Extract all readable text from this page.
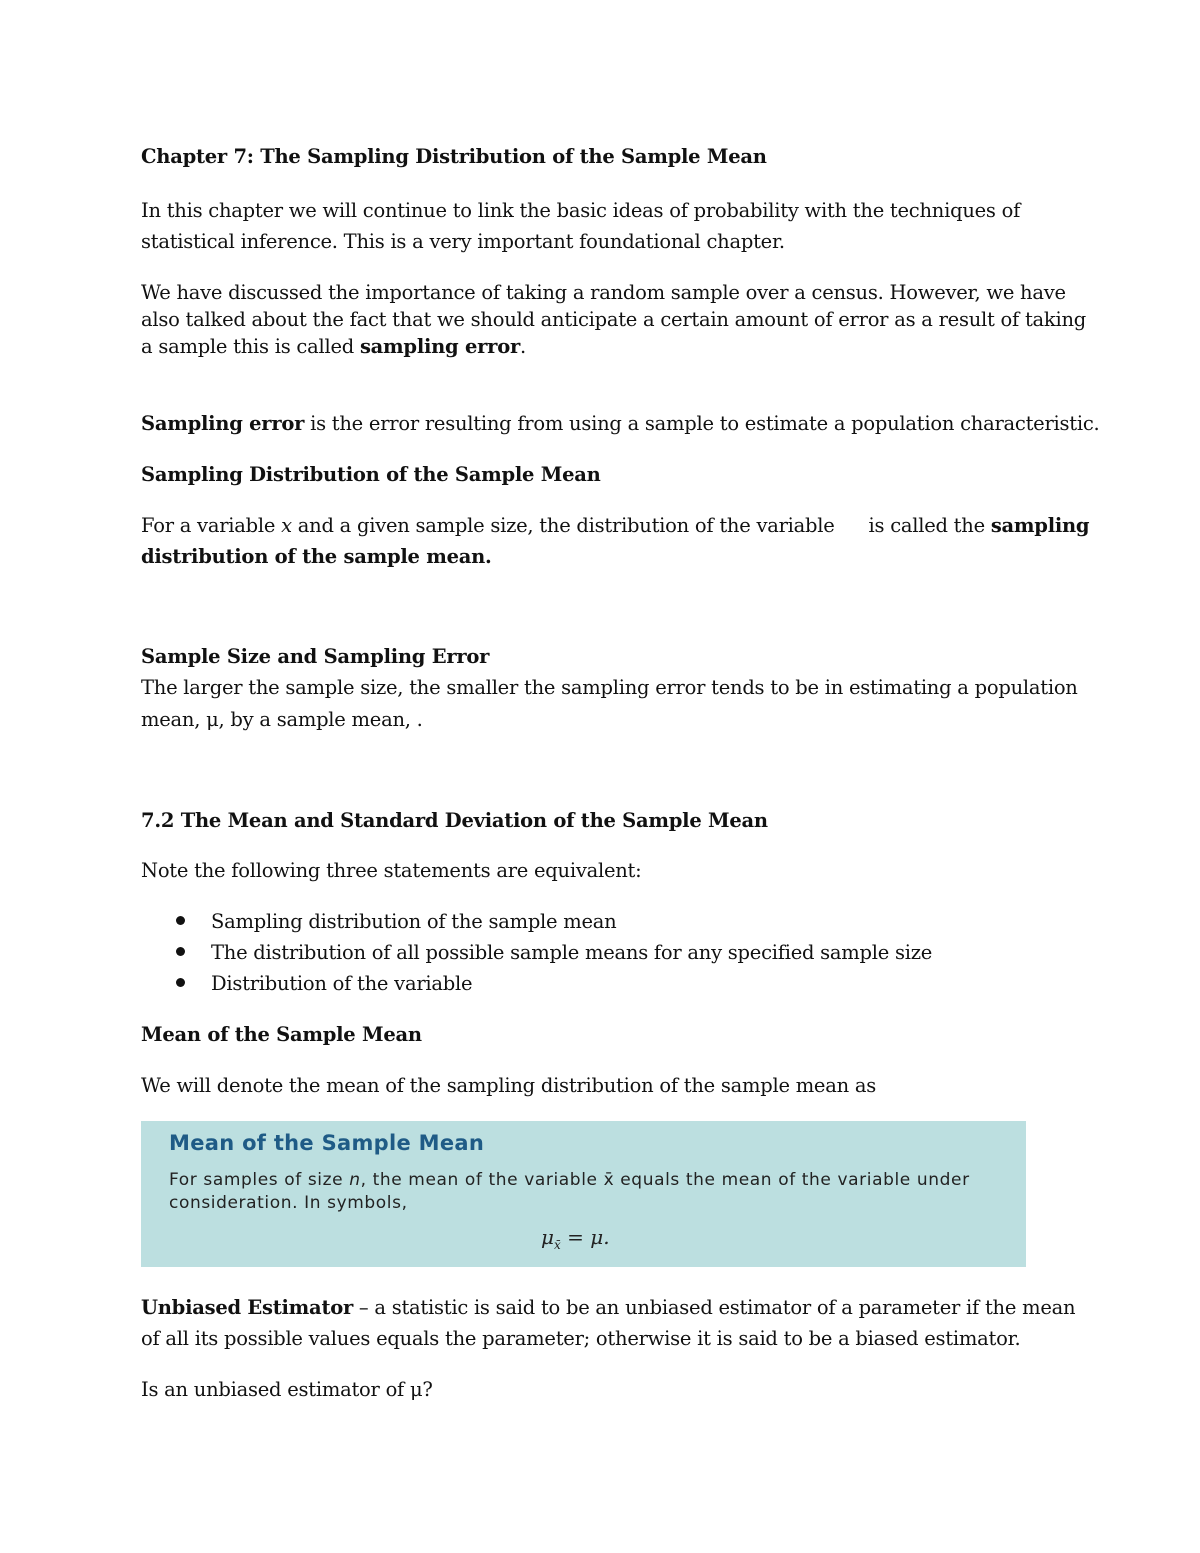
Chapter 7: The Sampling Distribution of the Sample Mean
In this chapter we will continue to link the basic ideas of probability with the techniques of
statistical inference. This is a very important foundational chapter.
We have discussed the importance of taking a random sample over a census. However, we have
also talked about the fact that we should anticipate a certain amount of error as a result of taking
a sample this is called sampling error.
Sampling error is the error resulting from using a sample to estimate a population characteristic.
Sampling Distribution of the Sample Mean
For a variable x and a given sample size, the distribution of the variable is called the sampling
distribution of the sample mean.
Sample Size and Sampling Error
The larger the sample size, the smaller the sampling error tends to be in estimating a population
mean, μ, by a sample mean, .
7.2 The Mean and Standard Deviation of the Sample Mean
Note the following three statements are equivalent:
Sampling distribution of the sample mean
The distribution of all possible sample means for any specified sample size
Distribution of the variable
Mean of the Sample Mean
We will denote the mean of the sampling distribution of the sample mean as
Mean of the Sample Mean
For samples of size n, the mean of the variable x̄ equals the mean of the variable under consideration. In symbols,
$\mu_{x̄} = \mu$.
Unbiased Estimator – a statistic is said to be an unbiased estimator of a parameter if the mean
of all its possible values equals the parameter; otherwise it is said to be a biased estimator.
Is an unbiased estimator of μ?
